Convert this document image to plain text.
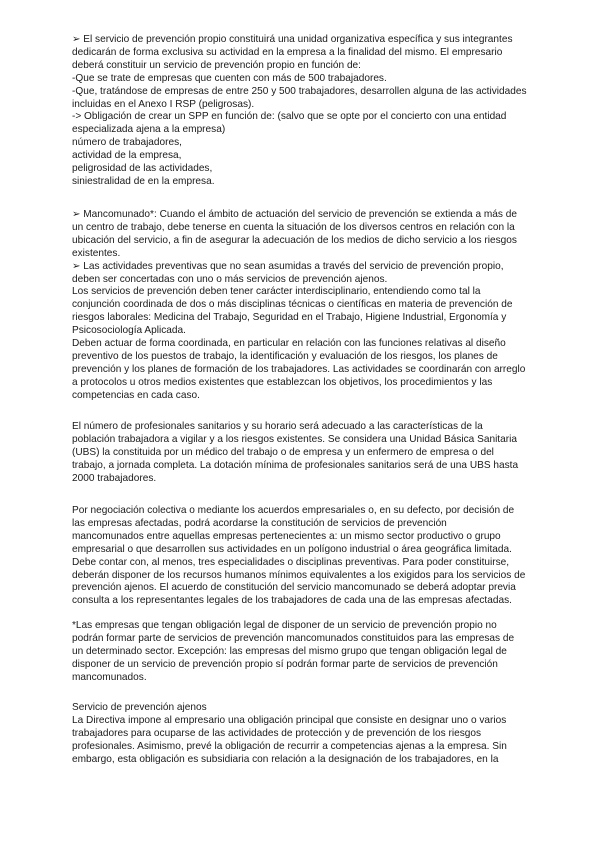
➢ El servicio de prevención propio constituirá una unidad organizativa específica y sus integrantes
dedicarán de forma exclusiva su actividad en la empresa a la finalidad del mismo. El empresario
deberá constituir un servicio de prevención propio en función de:
-Que se trate de empresas que cuenten con más de 500 trabajadores.
-Que, tratándose de empresas de entre 250 y 500 trabajadores, desarrollen alguna de las actividades
incluidas en el Anexo I RSP (peligrosas).
-> Obligación de crear un SPP en función de: (salvo que se opte por el concierto con una entidad
especializada ajena a la empresa)
número de trabajadores,
actividad de la empresa,
peligrosidad de las actividades,
siniestralidad de en la empresa.
➢ Mancomunado*: Cuando el ámbito de actuación del servicio de prevención se extienda a más de
un centro de trabajo, debe tenerse en cuenta la situación de los diversos centros en relación con la
ubicación del servicio, a fin de asegurar la adecuación de los medios de dicho servicio a los riesgos
existentes.
➢ Las actividades preventivas que no sean asumidas a través del servicio de prevención propio,
deben ser concertadas con uno o más servicios de prevención ajenos.
Los servicios de prevención deben tener carácter interdisciplinario, entendiendo como tal la
conjunción coordinada de dos o más disciplinas técnicas o científicas en materia de prevención de
riesgos laborales: Medicina del Trabajo, Seguridad en el Trabajo, Higiene Industrial, Ergonomía y
Psicosociología Aplicada.
Deben actuar de forma coordinada, en particular en relación con las funciones relativas al diseño
preventivo de los puestos de trabajo, la identificación y evaluación de los riesgos, los planes de
prevención y los planes de formación de los trabajadores. Las actividades se coordinarán con arreglo
a protocolos u otros medios existentes que establezcan los objetivos, los procedimientos y las
competencias en cada caso.
El número de profesionales sanitarios y su horario será adecuado a las características de la
población trabajadora a vigilar y a los riesgos existentes. Se considera una Unidad Básica Sanitaria
(UBS) la constituida por un médico del trabajo o de empresa y un enfermero de empresa o del
trabajo, a jornada completa. La dotación mínima de profesionales sanitarios será de una UBS hasta
2000 trabajadores.
Por negociación colectiva o mediante los acuerdos empresariales o, en su defecto, por decisión de
las empresas afectadas, podrá acordarse la constitución de servicios de prevención
mancomunados entre aquellas empresas pertenecientes a: un mismo sector productivo o grupo
empresarial o que desarrollen sus actividades en un polígono industrial o área geográfica limitada.
Debe contar con, al menos, tres especialidades o disciplinas preventivas. Para poder constituirse,
deberán disponer de los recursos humanos mínimos equivalentes a los exigidos para los servicios de
prevención ajenos. El acuerdo de constitución del servicio mancomunado se deberá adoptar previa
consulta a los representantes legales de los trabajadores de cada una de las empresas afectadas.
*Las empresas que tengan obligación legal de disponer de un servicio de prevención propio no
podrán formar parte de servicios de prevención mancomunados constituidos para las empresas de
un determinado sector. Excepción: las empresas del mismo grupo que tengan obligación legal de
disponer de un servicio de prevención propio sí podrán formar parte de servicios de prevención
mancomunados.
Servicio de prevención ajenos
La Directiva impone al empresario una obligación principal que consiste en designar uno o varios
trabajadores para ocuparse de las actividades de protección y de prevención de los riesgos
profesionales. Asimismo, prevé la obligación de recurrir a competencias ajenas a la empresa. Sin
embargo, esta obligación es subsidiaria con relación a la designación de los trabajadores, en la
